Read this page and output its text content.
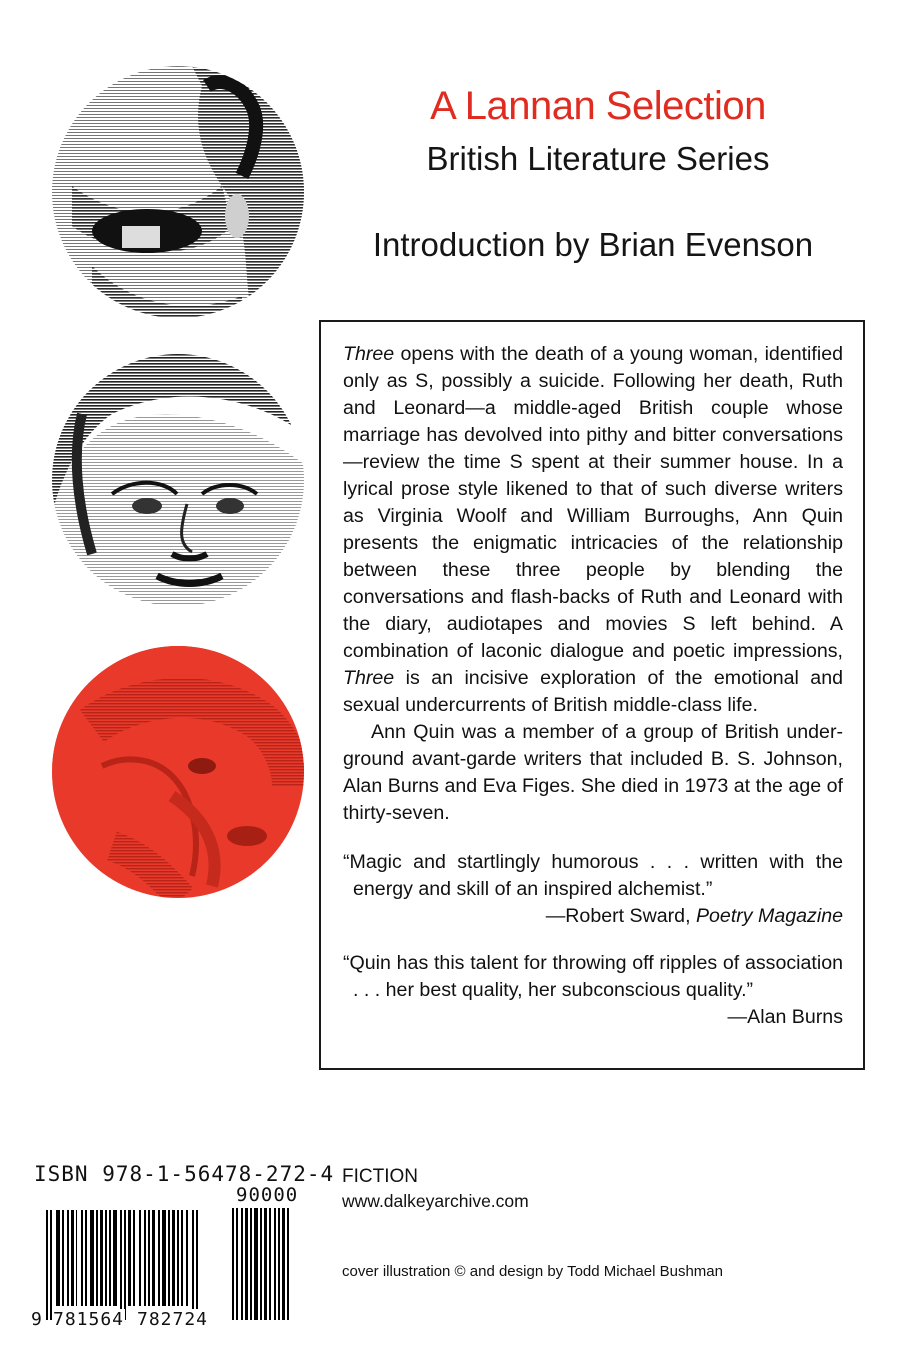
A Lannan Selection
British Literature Series
Introduction by Brian Evenson

Three opens with the death of a young woman, identified only as S, possibly a suicide. Following her death, Ruth and Leonard—a middle-aged British couple whose marriage has devolved into pithy and bitter conversations—review the time S spent at their summer house. In a lyrical prose style likened to that of such diverse writers as Virginia Woolf and William Burroughs, Ann Quin presents the enigmatic intricacies of the relationship between these three people by blending the conversations and flash-backs of Ruth and Leonard with the diary, audiotapes and movies S left behind. A combination of laconic dialogue and poetic impressions, Three is an incisive exploration of the emotional and sexual undercurrents of British middle-class life.

Ann Quin was a member of a group of British under-ground avant-garde writers that included B. S. Johnson, Alan Burns and Eva Figes. She died in 1973 at the age of thirty-seven.

“Magic and startlingly humorous . . . written with the energy and skill of an inspired alchemist.”
—Robert Sward, Poetry Magazine
“Quin has this talent for throwing off ripples of association . . . her best quality, her subconscious quality.”
—Alan Burns
ISBN 978-1-56478-272-4
90000
9 781564 782724
FICTION
www.dalkeyarchive.com
cover illustration © and design by Todd Michael Bushman
